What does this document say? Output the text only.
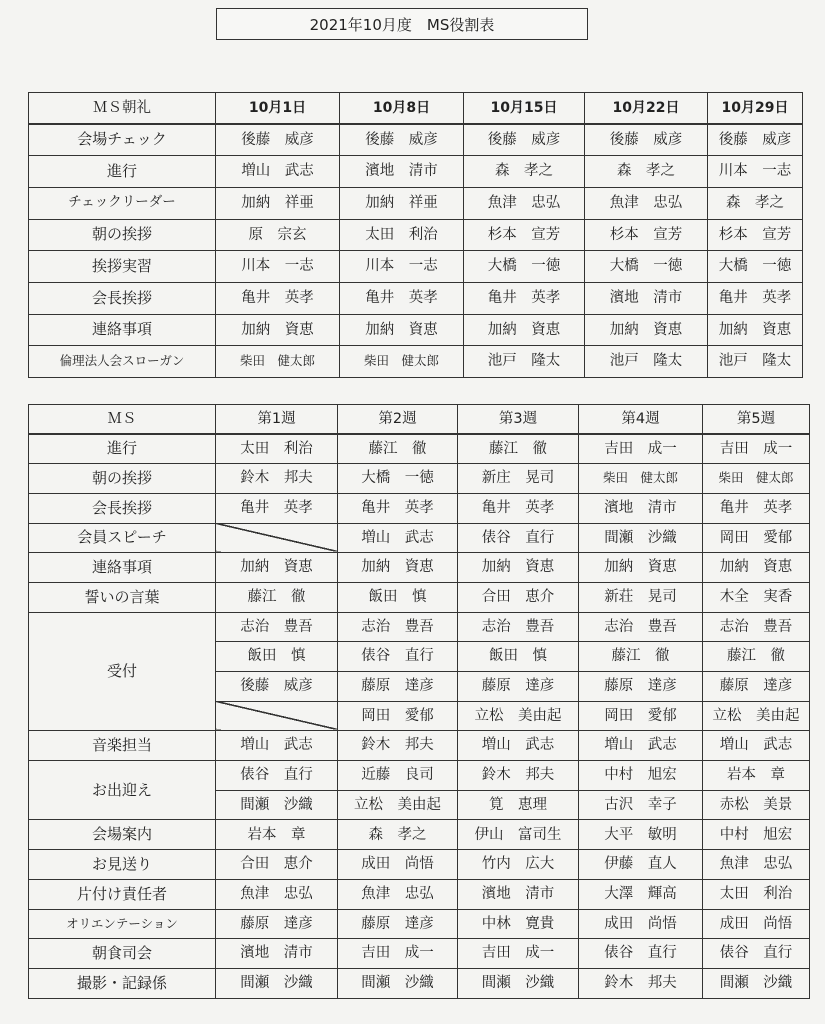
2021年10月度　MS役割表
ＭＳ朝礼	10月1日	10月8日	10月15日	10月22日	10月29日
会場チェック	後藤　威彦	後藤　威彦	後藤　威彦	後藤　威彦	後藤　威彦
進行	増山　武志	濱地　清市	森　孝之	森　孝之	川本　一志
チェックリーダー	加納　祥亜	加納　祥亜	魚津　忠弘	魚津　忠弘	森　孝之
朝の挨拶	原　宗玄	太田　利治	杉本　宣芳	杉本　宣芳	杉本　宣芳
挨拶実習	川本　一志	川本　一志	大橋　一徳	大橋　一徳	大橋　一徳
会長挨拶	亀井　英孝	亀井　英孝	亀井　英孝	濱地　清市	亀井　英孝
連絡事項	加納　資恵	加納　資恵	加納　資恵	加納　資恵	加納　資恵
倫理法人会スローガン	柴田　健太郎	柴田　健太郎	池戸　隆太	池戸　隆太	池戸　隆太
ＭＳ	第1週	第2週	第3週	第4週	第5週
進行	太田　利治	藤江　徹	藤江　徹	吉田　成一	吉田　成一
朝の挨拶	鈴木　邦夫	大橋　一徳	新庄　晃司	柴田　健太郎	柴田　健太郎
会長挨拶	亀井　英孝	亀井　英孝	亀井　英孝	濱地　清市	亀井　英孝
会員スピーチ		増山　武志	俵谷　直行	間瀬　沙織	岡田　愛郁
連絡事項	加納　資恵	加納　資恵	加納　資恵	加納　資恵	加納　資恵
誓いの言葉	藤江　徹	飯田　慎	合田　恵介	新荘　晃司	木全　実香
受付	志治　豊吾	志治　豊吾	志治　豊吾	志治　豊吾	志治　豊吾
	飯田　慎	俵谷　直行	飯田　慎	藤江　徹	藤江　徹
	後藤　威彦	藤原　達彦	藤原　達彦	藤原　達彦	藤原　達彦
		岡田　愛郁	立松　美由起	岡田　愛郁	立松　美由起
音楽担当	増山　武志	鈴木　邦夫	増山　武志	増山　武志	増山　武志
お出迎え	俵谷　直行	近藤　良司	鈴木　邦夫	中村　旭宏	岩本　章
	間瀬　沙織	立松　美由起	筧　恵理	古沢　幸子	赤松　美景
会場案内	岩本　章	森　孝之	伊山　富司生	大平　敏明	中村　旭宏
お見送り	合田　恵介	成田　尚悟	竹内　広大	伊藤　直人	魚津　忠弘
片付け責任者	魚津　忠弘	魚津　忠弘	濱地　清市	大澤　輝高	太田　利治
オリエンテーション	藤原　達彦	藤原　達彦	中林　寛貴	成田　尚悟	成田　尚悟
朝食司会	濱地　清市	吉田　成一	吉田　成一	俵谷　直行	俵谷　直行
撮影・記録係	間瀬　沙織	間瀬　沙織	間瀬　沙織	鈴木　邦夫	間瀬　沙織
